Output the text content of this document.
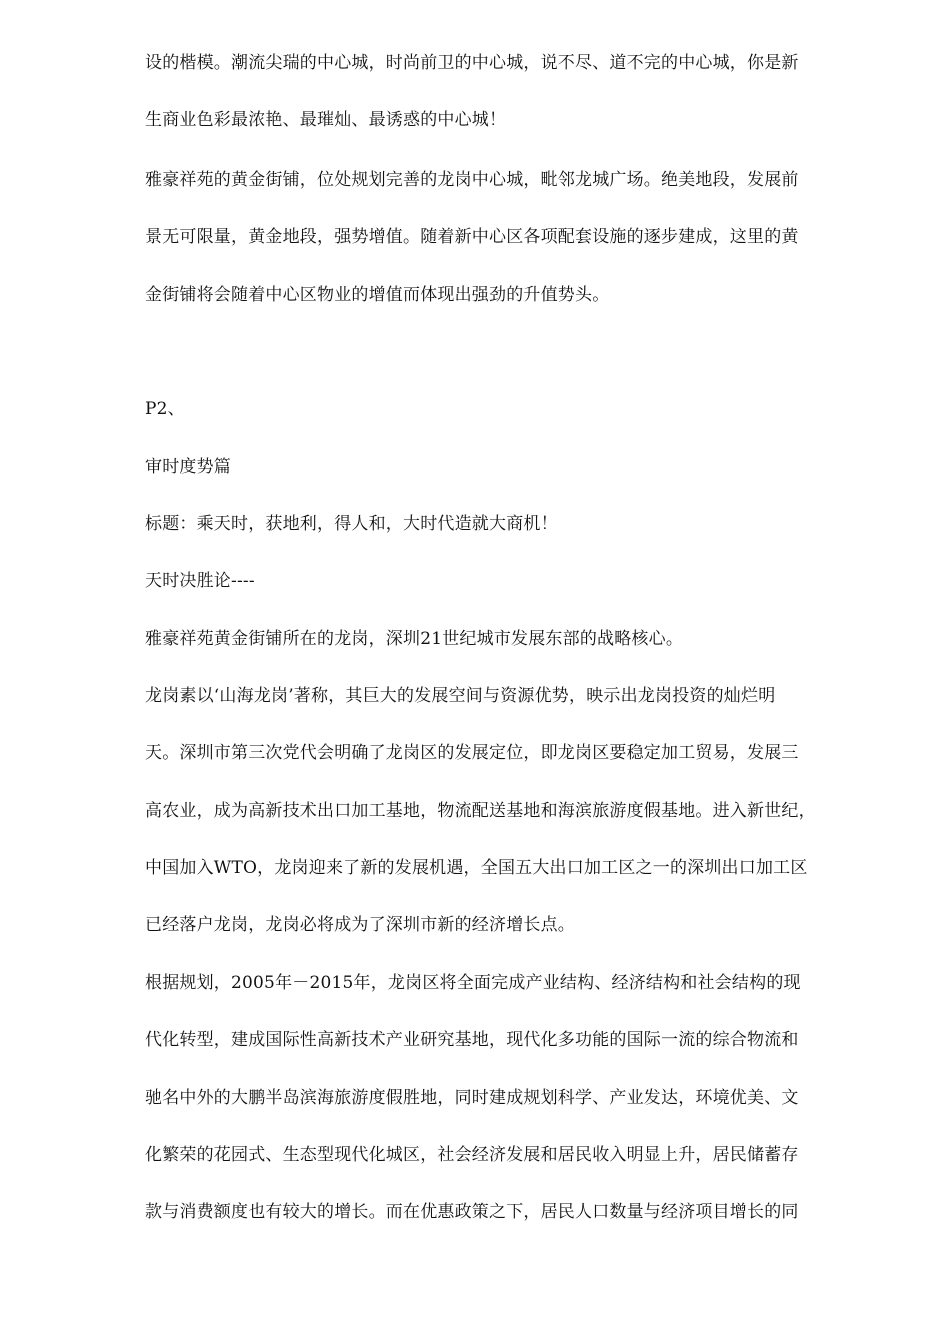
设的楷模。潮流尖瑞的中心城，时尚前卫的中心城，说不尽、道不完的中心城，你是新
生商业色彩最浓艳、最璀灿、最诱惑的中心城！
雅豪祥苑的黄金街铺，位处规划完善的龙岗中心城，毗邻龙城广场。绝美地段，发展前
景无可限量，黄金地段，强势增值。随着新中心区各项配套设施的逐步建成，这里的黄
金街铺将会随着中心区物业的增值而体现出强劲的升值势头。
P2、
审时度势篇
标题：乘天时，获地利，得人和，大时代造就大商机！
天时决胜论----
雅豪祥苑黄金街铺所在的龙岗，深圳21世纪城市发展东部的战略核心。
龙岗素以‘山海龙岗’著称，其巨大的发展空间与资源优势，映示出龙岗投资的灿烂明
天。深圳市第三次党代会明确了龙岗区的发展定位，即龙岗区要稳定加工贸易，发展三
高农业，成为高新技术出口加工基地，物流配送基地和海滨旅游度假基地。进入新世纪，
中国加入WTO，龙岗迎来了新的发展机遇，全国五大出口加工区之一的深圳出口加工区
已经落户龙岗，龙岗必将成为了深圳市新的经济增长点。
根据规划，2005年－2015年，龙岗区将全面完成产业结构、经济结构和社会结构的现
代化转型，建成国际性高新技术产业研究基地，现代化多功能的国际一流的综合物流和
驰名中外的大鹏半岛滨海旅游度假胜地，同时建成规划科学、产业发达，环境优美、文
化繁荣的花园式、生态型现代化城区，社会经济发展和居民收入明显上升，居民储蓄存
款与消费额度也有较大的增长。而在优惠政策之下，居民人口数量与经济项目增长的同
